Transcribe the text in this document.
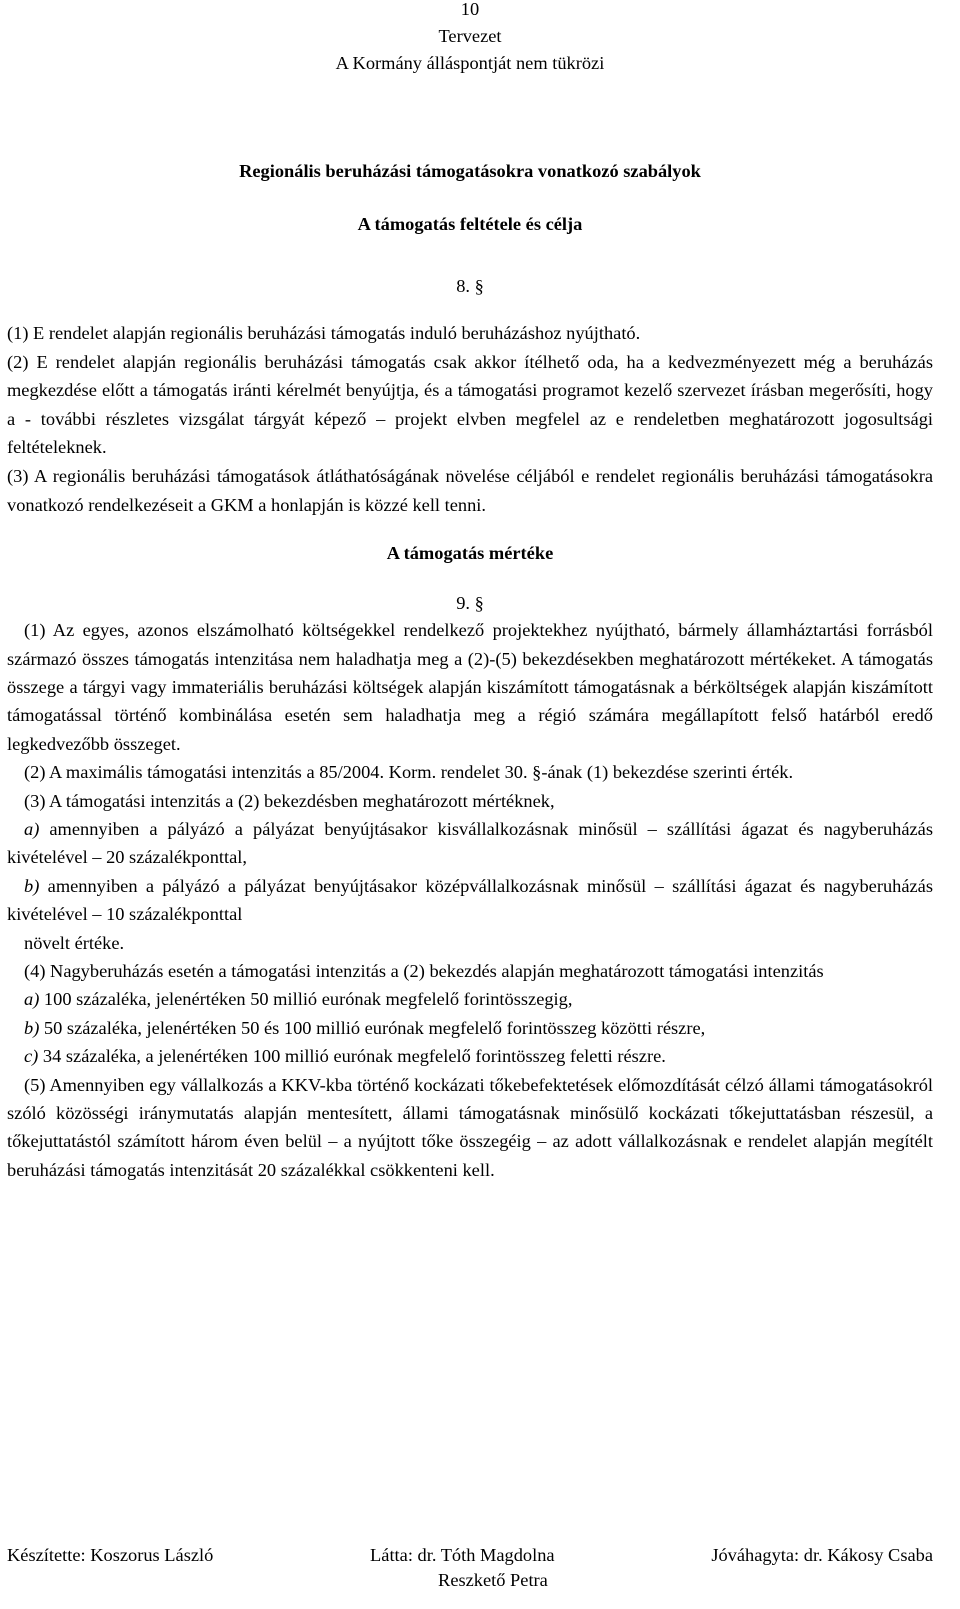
10
Tervezet
A Kormány álláspontját nem tükrözi
Regionális beruházási támogatásokra vonatkozó szabályok
A támogatás feltétele és célja
8. §

(1) E rendelet alapján regionális beruházási támogatás induló beruházáshoz nyújtható.

(2) E rendelet alapján regionális beruházási támogatás csak akkor ítélhető oda, ha a kedvezményezett még a beruházás megkezdése előtt a támogatás iránti kérelmét benyújtja, és a támogatási programot kezelő szervezet írásban megerősíti, hogy a - további részletes vizsgálat tárgyát képező – projekt elvben megfelel az e rendeletben meghatározott jogosultsági feltételeknek.

(3) A regionális beruházási támogatások átláthatóságának növelése céljából e rendelet regionális beruházási támogatásokra vonatkozó rendelkezéseit a GKM a honlapján is közzé kell tenni.

A támogatás mértéke
9. §

(1) Az egyes, azonos elszámolható költségekkel rendelkező projektekhez nyújtható, bármely államháztartási forrásból származó összes támogatás intenzitása nem haladhatja meg a (2)-(5) bekezdésekben meghatározott mértékeket. A támogatás összege a tárgyi vagy immateriális beruházási költségek alapján kiszámított támogatásnak a bérköltségek alapján kiszámított támogatással történő kombinálása esetén sem haladhatja meg a régió számára megállapított felső határból eredő legkedvezőbb összeget.

(2) A maximális támogatási intenzitás a 85/2004. Korm. rendelet 30. §-ának (1) bekezdése szerinti érték.

(3) A támogatási intenzitás a (2) bekezdésben meghatározott mértéknek,

a) amennyiben a pályázó a pályázat benyújtásakor kisvállalkozásnak minősül – szállítási ágazat és nagyberuházás kivételével – 20 százalékponttal,

b) amennyiben a pályázó a pályázat benyújtásakor középvállalkozásnak minősül – szállítási ágazat és nagyberuházás kivételével – 10 százalékponttal

növelt értéke.

(4) Nagyberuházás esetén a támogatási intenzitás a (2) bekezdés alapján meghatározott támogatási intenzitás

a) 100 százaléka, jelenértéken 50 millió eurónak megfelelő forintösszegig,

b) 50 százaléka, jelenértéken 50 és 100 millió eurónak megfelelő forintösszeg közötti részre,

c) 34 százaléka, a jelenértéken 100 millió eurónak megfelelő forintösszeg feletti részre.

(5) Amennyiben egy vállalkozás a KKV-kba történő kockázati tőkebefektetések előmozdítását célzó állami támogatásokról szóló közösségi iránymutatás alapján mentesített, állami támogatásnak minősülő kockázati tőkejuttatásban részesül, a tőkejuttatástól számított három éven belül – a nyújtott tőke összegéig – az adott vállalkozásnak e rendelet alapján megítélt beruházási támogatás intenzitását 20 százalékkal csökkenteni kell.

Készítette: Koszorus László	Látta: dr. Tóth Magdolna
Reszkető Petra
Jóváhagyta: dr. Kákosy Csaba
